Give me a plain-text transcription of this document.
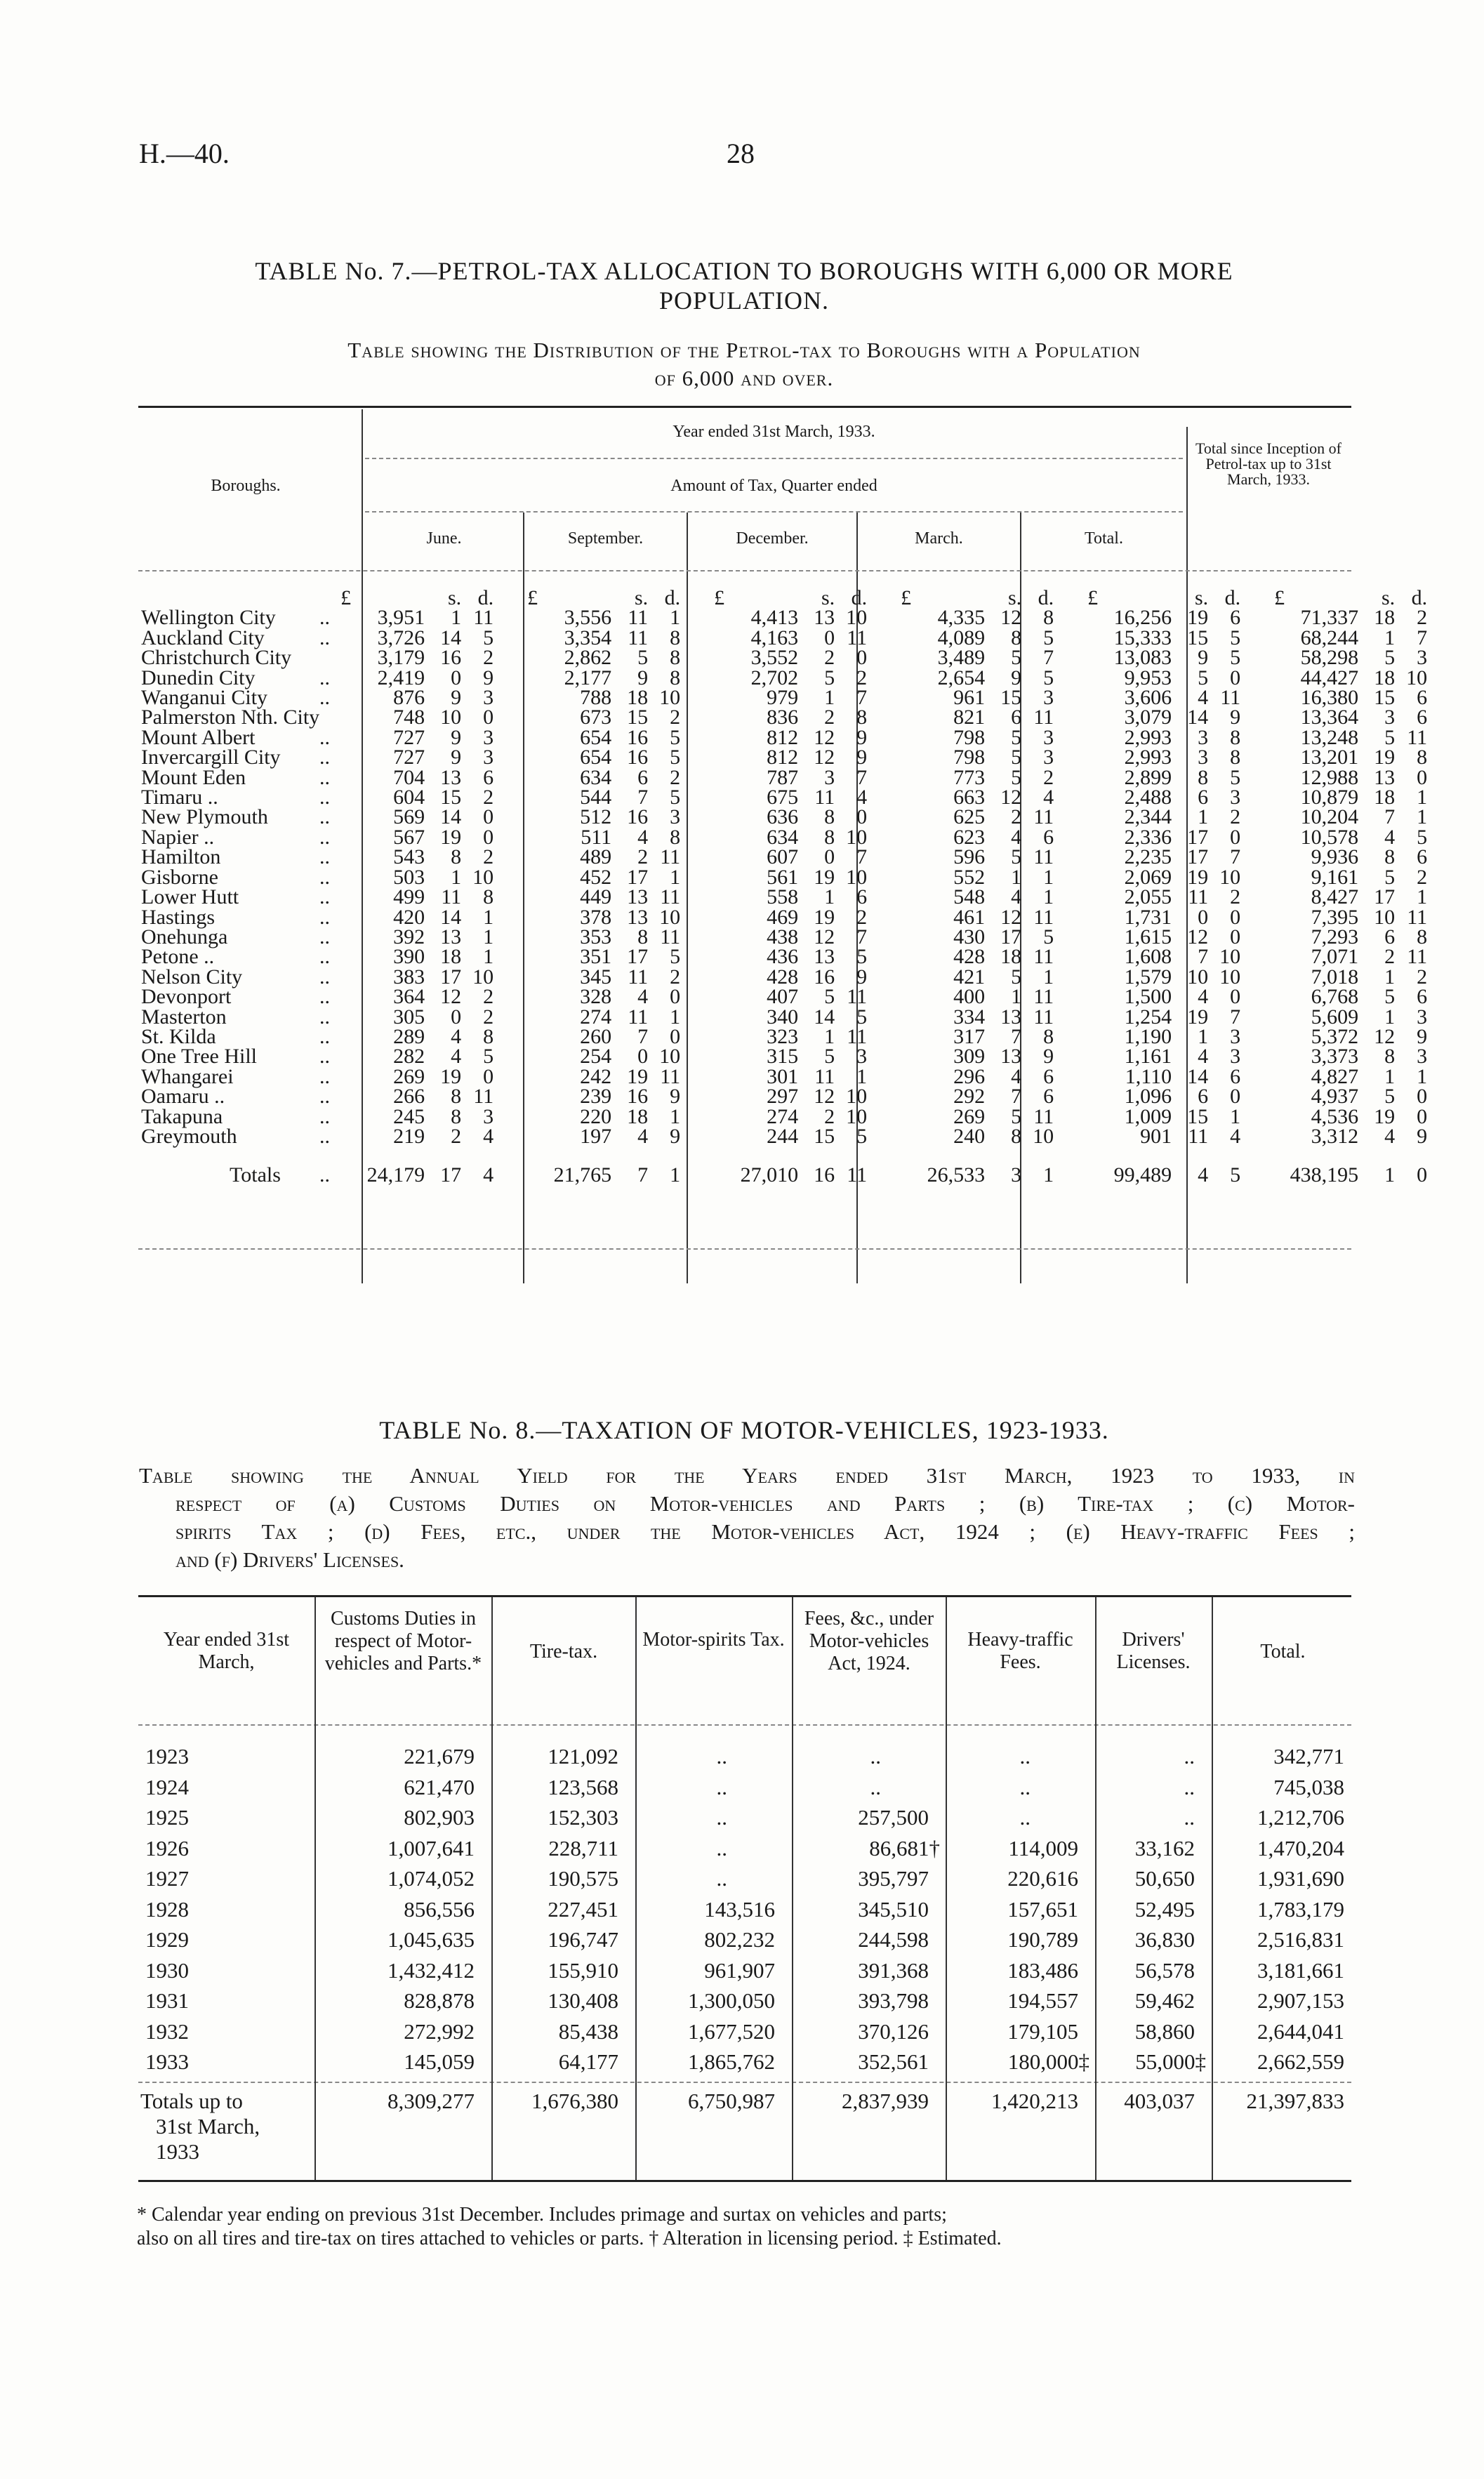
H.—40.	28
TABLE No. 7.—PETROL-TAX ALLOCATION TO BOROUGHS WITH 6,000 OR MORE
POPULATION.
Table showing the Distribution of the Petrol-tax to Boroughs with a Population
of 6,000 and over.
Boroughs.
Year ended 31st March, 1933.
Amount of Tax, Quarter ended
June.	September.	December.	March.	Total.
Total since Inception of Petrol-tax up to 31st March, 1933.

	£ s. d.	£ s. d.	£ s. d.	£ s. d.	£ s. d.	£ s. d.

Wellington City ..	3,951 1 11	3,556 11 1	4,413 13 10	4,335 12 8	16,256 19 6	71,337 18 2

Auckland City ..	3,726 14 5	3,354 11 8	4,163 0 11	4,089 8 5	15,333 15 5	68,244 1 7

Christchurch City	3,179 16 2	2,862 5 8	3,552 2 0	3,489 5 7	13,083 9 5	58,298 5 3

Dunedin City ..	2,419 0 9	2,177 9 8	2,702 5 2	2,654 9 5	9,953 5 0	44,427 18 10

Wanganui City ..	876 9 3	788 18 10	979 1 7	961 15 3	3,606 4 11	16,380 15 6

Palmerston Nth. City	748 10 0	673 15 2	836 2 8	821 6 11	3,079 14 9	13,364 3 6

Mount Albert ..	727 9 3	654 16 5	812 12 9	798 5 3	2,993 3 8	13,248 5 11

Invercargill City ..	727 9 3	654 16 5	812 12 9	798 5 3	2,993 3 8	13,201 19 8

Mount Eden ..	704 13 6	634 6 2	787 3 7	773 5 2	2,899 8 5	12,988 13 0

Timaru .. ..	604 15 2	544 7 5	675 11 4	663 12 4	2,488 6 3	10,879 18 1

New Plymouth ..	569 14 0	512 16 3	636 8 0	625 2 11	2,344 1 2	10,204 7 1

Napier .. ..	567 19 0	511 4 8	634 8 10	623 4 6	2,336 17 0	10,578 4 5

Hamilton ..	543 8 2	489 2 11	607 0 7	596 5 11	2,235 17 7	9,936 8 6

Gisborne ..	503 1 10	452 17 1	561 19 10	552 1 1	2,069 19 10	9,161 5 2

Lower Hutt ..	499 11 8	449 13 11	558 1 6	548 4 1	2,055 11 2	8,427 17 1

Hastings ..	420 14 1	378 13 10	469 19 2	461 12 11	1,731 0 0	7,395 10 11

Onehunga ..	392 13 1	353 8 11	438 12 7	430 17 5	1,615 12 0	7,293 6 8

Petone .. ..	390 18 1	351 17 5	436 13 5	428 18 11	1,608 7 10	7,071 2 11

Nelson City ..	383 17 10	345 11 2	428 16 9	421 5 1	1,579 10 10	7,018 1 2

Devonport ..	364 12 2	328 4 0	407 5 11	400 1 11	1,500 4 0	6,768 5 6

Masterton ..	305 0 2	274 11 1	340 14 5	334 13 11	1,254 19 7	5,609 1 3

St. Kilda ..	289 4 8	260 7 0	323 1 11	317 7 8	1,190 1 3	5,372 12 9

One Tree Hill ..	282 4 5	254 0 10	315 5 3	309 13 9	1,161 4 3	3,373 8 3

Whangarei ..	269 19 0	242 19 11	301 11 1	296 4 6	1,110 14 6	4,827 1 1

Oamaru .. ..	266 8 11	239 16 9	297 12 10	292 7 6	1,096 6 0	4,937 5 0

Takapuna ..	245 8 3	220 18 1	274 2 10	269 5 11	1,009 15 1	4,536 19 0

Greymouth ..	219 2 4	197 4 9	244 15 5	240 8 10	901 11 4	3,312 4 9

Totals ..	24,179 17 4	21,765 7 1	27,010 16 11	26,533 3 1	99,489 4 5	438,195 1 0
TABLE No. 8.—TAXATION OF MOTOR-VEHICLES, 1923-1933.
Table showing the Annual Yield for the Years ended 31st March, 1923 to 1933, in
respect of (a) Customs Duties on Motor-vehicles and Parts ; (b) Tire-tax ; (c) Motor-
spirits Tax ; (d) Fees, etc., under the Motor-vehicles Act, 1924 ; (e) Heavy-traffic Fees ;
and (f) Drivers' Licenses.
Year ended 31st March,
Customs Duties in respect of Motor-vehicles and Parts.*
Tire-tax.
Motor-spirits Tax.
Fees, &c., under Motor-vehicles Act, 1924.
Heavy-traffic Fees.
Drivers' Licenses.	Total.
1923	221,679	121,092	..	..	..	..	342,771
1924	621,470	123,568	..	..	..	..	745,038
1925	802,903	152,303	..	257,500	..	..	1,212,706
1926	1,007,641	228,711	..	86,681†	114,009	33,162	1,470,204
1927	1,074,052	190,575	..	395,797	220,616	50,650	1,931,690
1928	856,556	227,451	143,516	345,510	157,651	52,495	1,783,179
1929	1,045,635	196,747	802,232	244,598	190,789	36,830	2,516,831
1930	1,432,412	155,910	961,907	391,368	183,486	56,578	3,181,661
1931	828,878	130,408	1,300,050	393,798	194,557	59,462	2,907,153
1932	272,992	85,438	1,677,520	370,126	179,105	58,860	2,644,041
1933	145,059	64,177	1,865,762	352,561	180,000‡	55,000‡	2,662,559
Totals up to
31st March,
1933
8,309,277	1,676,380	6,750,987	2,837,939	1,420,213	403,037	21,397,833
* Calendar year ending on previous 31st December. Includes primage and surtax on vehicles and parts;
also on all tires and tire-tax on tires attached to vehicles or parts. † Alteration in licensing period. ‡ Estimated.
